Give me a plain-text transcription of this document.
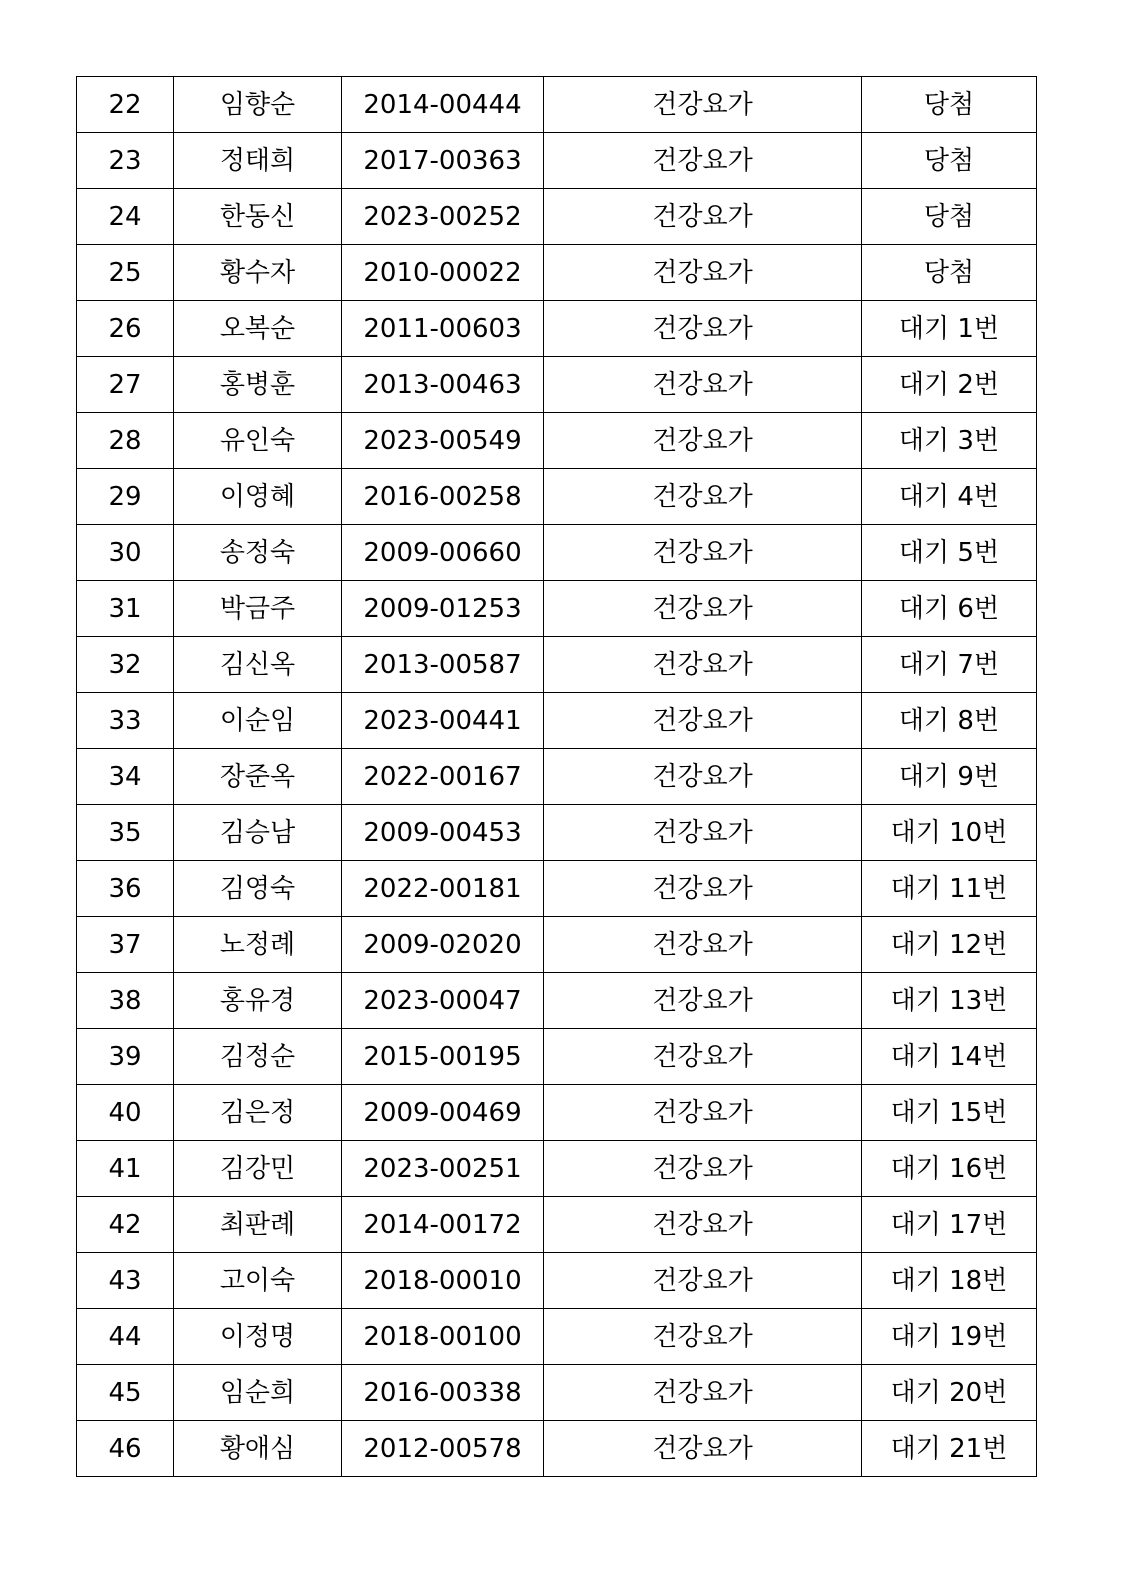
22	임향순	2014-00444	건강요가	당첨
23	정태희	2017-00363	건강요가	당첨
24	한동신	2023-00252	건강요가	당첨
25	황수자	2010-00022	건강요가	당첨
26	오복순	2011-00603	건강요가	대기 1번
27	홍병훈	2013-00463	건강요가	대기 2번
28	유인숙	2023-00549	건강요가	대기 3번
29	이영혜	2016-00258	건강요가	대기 4번
30	송정숙	2009-00660	건강요가	대기 5번
31	박금주	2009-01253	건강요가	대기 6번
32	김신옥	2013-00587	건강요가	대기 7번
33	이순임	2023-00441	건강요가	대기 8번
34	장준옥	2022-00167	건강요가	대기 9번
35	김승남	2009-00453	건강요가	대기 10번
36	김영숙	2022-00181	건강요가	대기 11번
37	노정례	2009-02020	건강요가	대기 12번
38	홍유경	2023-00047	건강요가	대기 13번
39	김정순	2015-00195	건강요가	대기 14번
40	김은정	2009-00469	건강요가	대기 15번
41	김강민	2023-00251	건강요가	대기 16번
42	최판례	2014-00172	건강요가	대기 17번
43	고이숙	2018-00010	건강요가	대기 18번
44	이정명	2018-00100	건강요가	대기 19번
45	임순희	2016-00338	건강요가	대기 20번
46	황애심	2012-00578	건강요가	대기 21번
